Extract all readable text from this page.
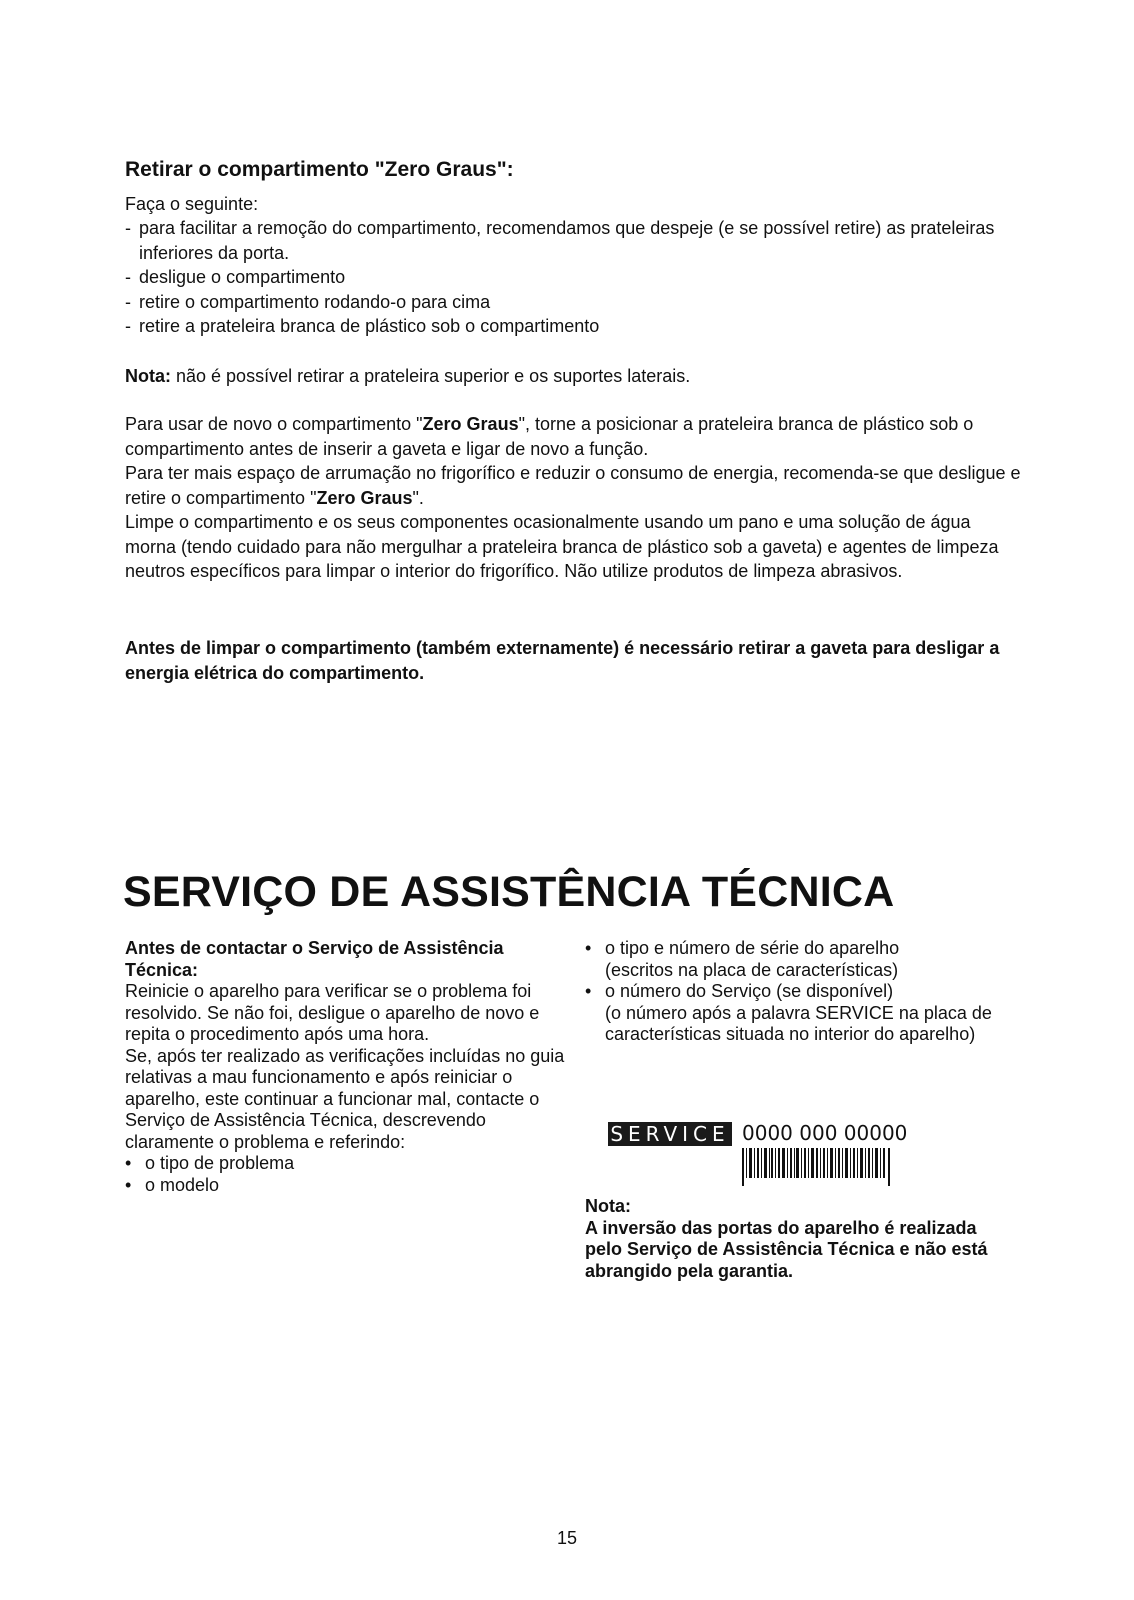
Retirar o compartimento "Zero Graus":
Faça o seguinte:
- para facilitar a remoção do compartimento, recomendamos que despeje (e se possível retire) as prateleiras inferiores da porta.
- desligue o compartimento
- retire o compartimento rodando-o para cima
- retire a prateleira branca de plástico sob o compartimento
Nota: não é possível retirar a prateleira superior e os suportes laterais.

Para usar de novo o compartimento "Zero Graus", torne a posicionar a prateleira branca de plástico sob o compartimento antes de inserir a gaveta e ligar de novo a função.

Para ter mais espaço de arrumação no frigorífico e reduzir o consumo de energia, recomenda-se que desligue e retire o compartimento "Zero Graus".

Limpe o compartimento e os seus componentes ocasionalmente usando um pano e uma solução de água morna (tendo cuidado para não mergulhar a prateleira branca de plástico sob a gaveta) e agentes de limpeza neutros específicos para limpar o interior do frigorífico. Não utilize produtos de limpeza abrasivos.

Antes de limpar o compartimento (também externamente) é necessário retirar a gaveta para desligar a energia elétrica do compartimento.

SERVIÇO DE ASSISTÊNCIA TÉCNICA
Antes de contactar o Serviço de Assistência Técnica:

Reinicie o aparelho para verificar se o problema foi resolvido. Se não foi, desligue o aparelho de novo e repita o procedimento após uma hora.

Se, após ter realizado as verificações incluídas no guia relativas a mau funcionamento e após reiniciar o aparelho, este continuar a funcionar mal, contacte o Serviço de Assistência Técnica, descrevendo claramente o problema e referindo:

• o tipo de problema
• o modelo
• o tipo e número de série do aparelho
(escritos na placa de características)
• o número do Serviço (se disponível)
(o número após a palavra SERVICE na placa de características situada no interior do aparelho)
SERVICE 0000 000 00000

Nota:

A inversão das portas do aparelho é realizada pelo Serviço de Assistência Técnica e não está abrangido pela garantia.

15
